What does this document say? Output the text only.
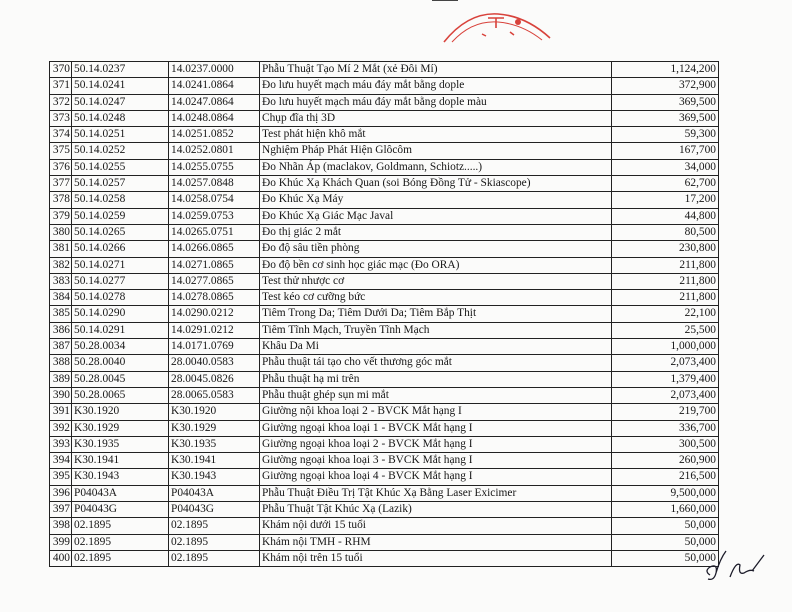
370 50.14.0237	14.0237.0000	Phẫu Thuật Tạo Mí 2 Mắt (xẻ Đôi Mí)	1,124,200
371 50.14.0241	14.0241.0864	Đo lưu huyết mạch máu đáy mắt bằng dople	372,900
372 50.14.0247	14.0247.0864	Đo lưu huyết mạch máu đáy mắt bằng dople màu	369,500
373 50.14.0248	14.0248.0864	Chụp đĩa thị 3D	369,500
374 50.14.0251	14.0251.0852	Test phát hiện khô mắt	59,300
375 50.14.0252	14.0252.0801	Nghiệm Pháp Phát Hiện Glôcôm	167,700
376 50.14.0255	14.0255.0755	Đo Nhãn Áp (maclakov, Goldmann, Schiotz.....)	34,000
377 50.14.0257	14.0257.0848	Đo Khúc Xạ Khách Quan (soi Bóng Đồng Tử - Skiascope)	62,700
378 50.14.0258	14.0258.0754	Đo Khúc Xạ Máy	17,200
379 50.14.0259	14.0259.0753	Đo Khúc Xạ Giác Mạc Javal	44,800
380 50.14.0265	14.0265.0751	Đo thị giác 2 mắt	80,500
381 50.14.0266	14.0266.0865	Đo độ sâu tiền phòng	230,800
382 50.14.0271	14.0271.0865	Đo độ bền cơ sinh học giác mạc (Đo ORA)	211,800
383 50.14.0277	14.0277.0865	Test thử nhược cơ	211,800
384 50.14.0278	14.0278.0865	Test kéo cơ cưỡng bức	211,800
385 50.14.0290	14.0290.0212	Tiêm Trong Da; Tiêm Dưới Da; Tiêm Bắp Thịt	22,100
386 50.14.0291	14.0291.0212	Tiêm Tĩnh Mạch, Truyền Tĩnh Mạch	25,500
387 50.28.0034	14.0171.0769	Khâu Da Mi	1,000,000
388 50.28.0040	28.0040.0583	Phẫu thuật tái tạo cho vết thương góc mắt	2,073,400
389 50.28.0045	28.0045.0826	Phẫu thuật hạ mi trên	1,379,400
390 50.28.0065	28.0065.0583	Phẫu thuật ghép sụn mi mắt	2,073,400
391 K30.1920	K30.1920	Giường nội khoa loại 2 - BVCK Mắt hạng I	219,700
392 K30.1929	K30.1929	Giường ngoại khoa loại 1 - BVCK Mắt hạng I	336,700
393 K30.1935	K30.1935	Giường ngoại khoa loại 2 - BVCK Mắt hạng I	300,500
394 K30.1941	K30.1941	Giường ngoại khoa loại 3 - BVCK Mắt hạng I	260,900
395 K30.1943	K30.1943	Giường ngoại khoa loại 4 - BVCK Mắt hạng I	216,500
396 P04043A	P04043A	Phẫu Thuật Điều Trị Tật Khúc Xạ Bằng Laser Exicimer	9,500,000
397 P04043G	P04043G	Phẫu Thuật Tật Khúc Xạ (Lazik)	1,660,000
398 02.1895	02.1895	Khám nội dưới 15 tuổi	50,000
399 02.1895	02.1895	Khám nội TMH - RHM	50,000
400 02.1895	02.1895	Khám nội trên 15 tuổi	50,000
